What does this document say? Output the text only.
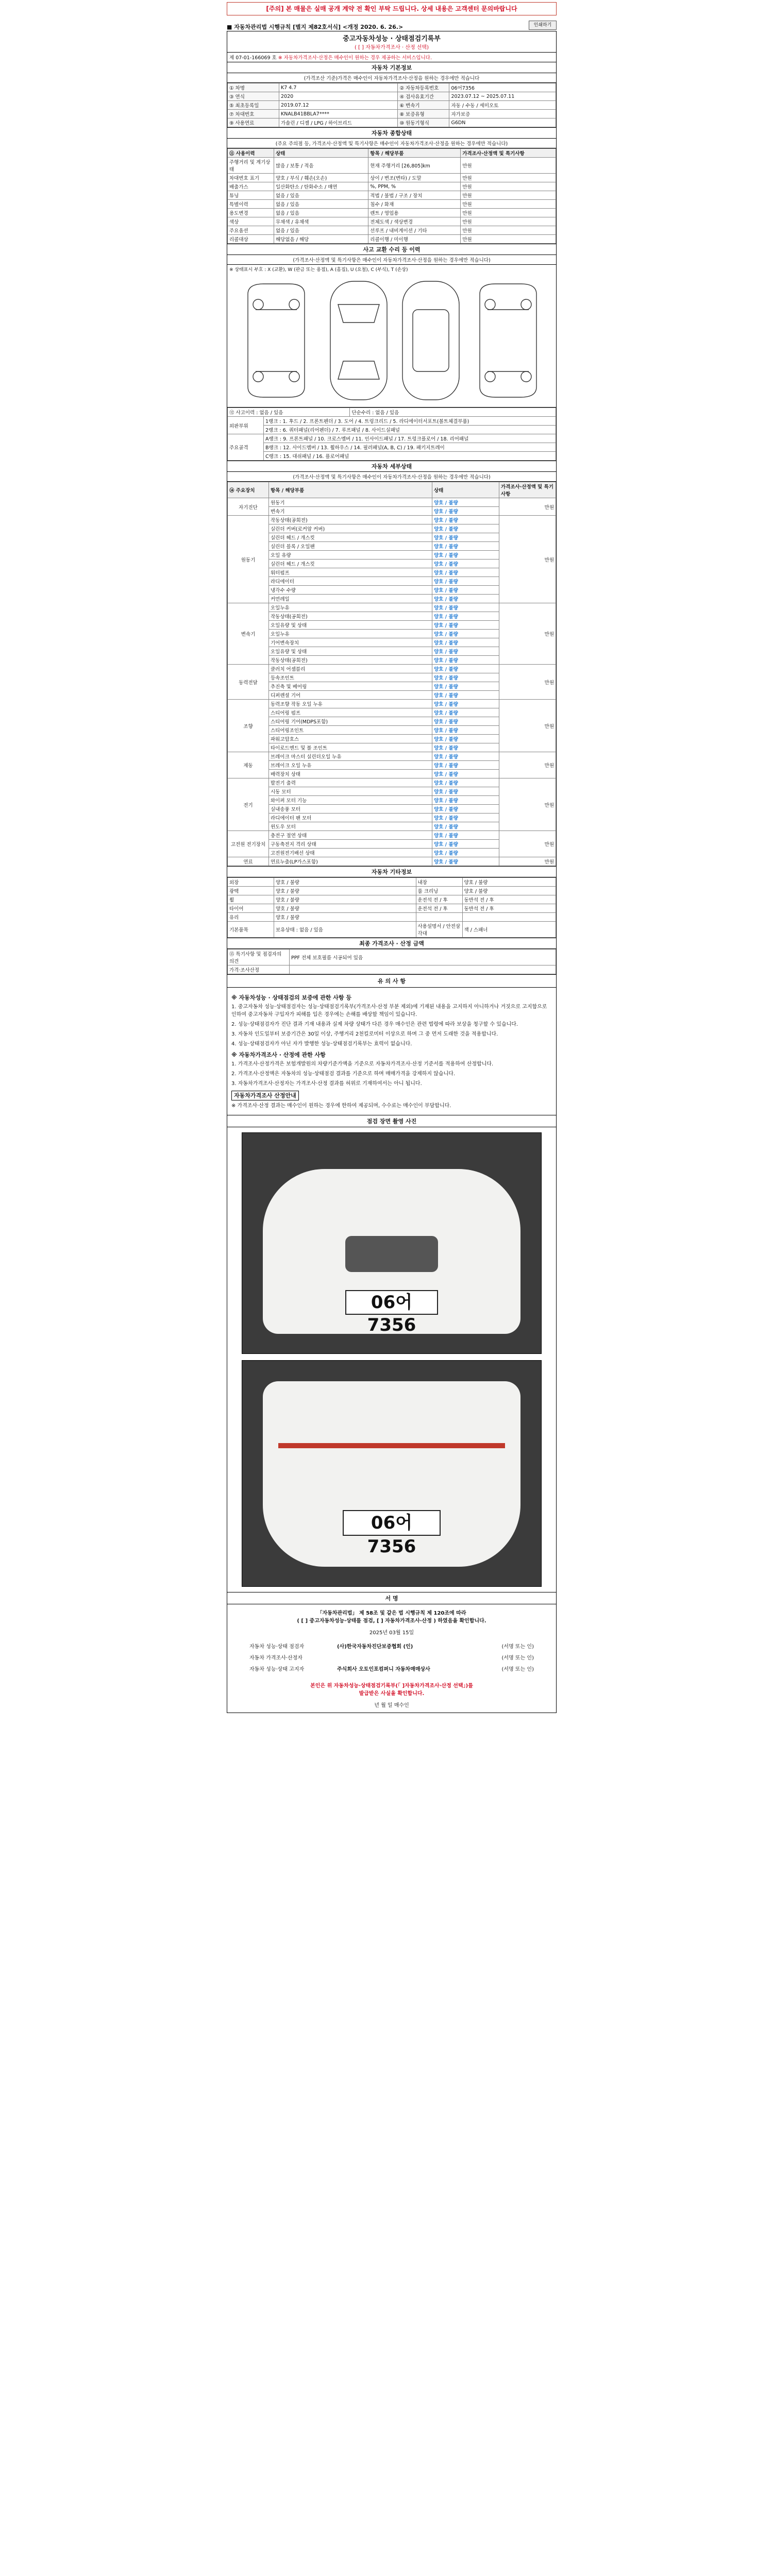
[주의] 본 매물은 실매 공개 계약 전 확인 부탁 드립니다. 상세 내용은 고객센터 문의바랍니다
■ 자동차관리법 시행규칙 [별지 제82호서식] <개정 2020. 6. 26.>	인쇄하기
중고자동차성능 · 상태점검기록부
( [ ] 자동차가격조사 · 산정 선택)
제 07-01-166069 호 ※ 자동차가격조사·산정은 매수인이 원하는 경우 제공하는 서비스입니다.
자동차 기본정보
(가격조산 기준)가격은 매수인이 자동차가격조사·산정을 원하는 경우에만 적습니다
① 차명	K7 4.7	② 자동차등록번호	06어7356
③ 연식	2020	④ 검사유효기간	2023.07.12 ~ 2025.07.11
⑤ 최초등록일	2019.07.12	⑥ 변속기	자동 / 수동 / 세미오토
⑦ 차대번호	KNALB41BBLA7****	⑧ 보증유형	자가보증
⑨ 사용연료	가솔린 / 디젤 / LPG / 하이브리드	⑩ 원동기형식	G6DN
자동차 종합상태
(주요 주의점 등, 가격조사·산정액 및 특기사항은 매수인이 자동차가격조사·산정을 원하는 경우에만 적습니다)
⑪ 사용이력	상태	항목 / 해당부품	가격조사·산정액 및 특기사항
주행거리 및 계기상태	많음 / 보통 / 적음	현재 주행거리 [26,805]km	만원
차대번호 표기	양호 / 부식 / 훼손(오손)	상이 / 변조(변타) / 도말	만원
배출가스	일산화탄소 / 탄화수소 / 매연	%, PPM, %	만원
튜닝	없음 / 있음	적법 / 불법 / 구조 / 장치	만원
특별이력	없음 / 있음	침수 / 화재	만원
용도변경	없음 / 있음	렌트 / 영업용	만원
색상	무채색 / 유채색	전체도색 / 색상변경	만원
주요옵션	없음 / 있음	선루프 / 내비게이션 / 기타	만원
리콜대상	해당없음 / 해당	리콜이행 / 미이행	만원
사고 교환 수리 등 이력
(가격조사·산정액 및 특기사항은 매수인이 자동차가격조사·산정을 원하는 경우에만 적습니다)
※ 상태표시 부호 : X (교환), W (판금 또는 용접), A (흠집), U (요철), C (부식), T (손상)
⑫ 사고이력 : 없음 / 있음		단순수리 : 없음 / 있음
외판부위	1랭크 : 1. 후드 / 2. 프론트펜더 / 3. 도어 / 4. 트렁크리드 / 5. 라디에이터서포트(볼트체결부품)	
	2랭크 : 6. 쿼터패널(리어펜더) / 7. 루프패널 / 8. 사이드실패널	
주요골격	A랭크 : 9. 프론트패널 / 10. 크로스멤버 / 11. 인사이드패널 / 17. 트렁크플로어 / 18. 리어패널	
	B랭크 : 12. 사이드멤버 / 13. 휠하우스 / 14. 필러패널(A, B, C) / 19. 패키지트레이	
	C랭크 : 15. 대쉬패널 / 16. 플로어패널	
자동차 세부상태
(가격조사·산정액 및 특기사항은 매수인이 자동차가격조사·산정을 원하는 경우에만 적습니다)
⑭ 주요장치	항목 / 해당부품	상태	가격조사·산정액 및 특기사항
자기진단	원동기	양호 / 불량	만원
	변속기	양호 / 불량	
원동기	작동상태(공회전)	양호 / 불량	만원
	실린더 커버(로커암 커버)	양호 / 불량	
	실린더 헤드 / 개스킷	양호 / 불량	
	실린더 블록 / 오일팬	양호 / 불량	
	오일 유량	양호 / 불량	
	실린더 헤드 / 개스킷	양호 / 불량	
	워터펌프	양호 / 불량	
	라디에이터	양호 / 불량	
	냉각수 수량	양호 / 불량	
	커먼레일	양호 / 불량	
변속기	오일누유	양호 / 불량	만원
	작동상태(공회전)	양호 / 불량	
	오일유량 및 상태	양호 / 불량	
	오일누유	양호 / 불량	
	기어변속장치	양호 / 불량	
	오일유량 및 상태	양호 / 불량	
	작동상태(공회전)	양호 / 불량	
동력전달	클러치 어셈블리	양호 / 불량	만원
	등속조인트	양호 / 불량	
	추진축 및 베어링	양호 / 불량	
	디퍼렌셜 기어	양호 / 불량	
조향	동력조향 작동 오일 누유	양호 / 불량	만원
	스티어링 펌프	양호 / 불량	
	스티어링 기어(MDPS포함)	양호 / 불량	
	스티어링조인트	양호 / 불량	
	파워고압호스	양호 / 불량	
	타이로드엔드 및 볼 조인트	양호 / 불량	
제동	브레이크 마스터 실린더오일 누유	양호 / 불량	만원
	브레이크 오일 누유	양호 / 불량	
	배력장치 상태	양호 / 불량	
전기	발전기 출력	양호 / 불량	만원
	시동 모터	양호 / 불량	
	와이퍼 모터 기능	양호 / 불량	
	실내송풍 모터	양호 / 불량	
	라디에이터 팬 모터	양호 / 불량	
	윈도우 모터	양호 / 불량	
고전원 전기장치	충전구 절연 상태	양호 / 불량	만원
	구동축전지 격리 상태	양호 / 불량	
	고전원전기배선 상태	양호 / 불량	
연료	연료누출(LP가스포함)	양호 / 불량	만원
자동차 기타정보
외장	양호 / 불량	내장	양호 / 불량
광택	양호 / 불량	룸 크리닝	양호 / 불량
휠	양호 / 불량	운전석 전 / 후	동반석 전 / 후
타이어	양호 / 불량	운전석 전 / 후	동반석 전 / 후
유리	양호 / 불량		
기본품목	보유상태 : 없음 / 있음	사용설명서 / 안전삼각대	잭 / 스패너
최종 가격조사 · 산정 금액
⑮ 특기사항 및 점검자의 의견	PPF 전체 보호필름 시공되어 있음
가격·조사산정	
유 의 사 항
※ 자동차성능 · 상태점검의 보증에 관한 사항 등

1. 중고자동차 성능·상태점검자는 성능·상태점검기록부(가격조사·산정 부분 제외)에 기재된 내용을 고지하지 아니하거나 거짓으로 고지함으로 인하여 중고자동차 구입자가 피해를 입은 경우에는 손해를 배상할 책임이 있습니다.

2. 성능·상태점검자가 진단 결과 기재 내용과 실제 차량 상태가 다른 경우 매수인은 관련 법령에 따라 보상을 청구할 수 있습니다.

3. 자동차 인도일부터 보증기간은 30일 이상, 주행거리 2천킬로미터 이상으로 하며 그 중 먼저 도래한 것을 적용합니다.

4. 성능·상태점검자가 아닌 자가 발행한 성능·상태점검기록부는 효력이 없습니다.

※ 자동차가격조사 · 산정에 관한 사항

1. 가격조사·산정가격은 보험개발원의 차량기준가액을 기준으로 자동차가격조사·산정 기준서를 적용하여 산정합니다.

2. 가격조사·산정액은 자동차의 성능·상태점검 결과를 기준으로 하며 매매가격을 강제하지 않습니다.

3. 자동차가격조사·산정자는 가격조사·산정 결과를 허위로 기재하여서는 아니 됩니다.

자동차가격조사 산정안내

※ 가격조사·산정 결과는 매수인이 원하는 경우에 한하여 제공되며, 수수료는 매수인이 부담합니다.

점검 장면 촬영 사진
06어 7356
06어 7356
서 명
「자동차관리법」 제 58조 및 같은 법 시행규칙 제 120조에 따라
( [ ] 중고자동차성능·상태를 점검, [ ] 자동차가격조사·산정 ) 하였음을 확인합니다.
2025년 03월 15일
자동차 성능·상태 점검자	(사)한국자동차진단보증협회 (인)	(서명 또는 인)
자동차 가격조사·산정자		(서명 또는 인)
자동차 성능·상태 고지자	주식회사 오토인포컴퍼니 자동차매매상사	(서명 또는 인)
본인은 위 자동차성능·상태점검기록부(「 ]자동차가격조사·산정 선택」)를
발급받은 사실을 확인합니다.
년 월 일 매수인
